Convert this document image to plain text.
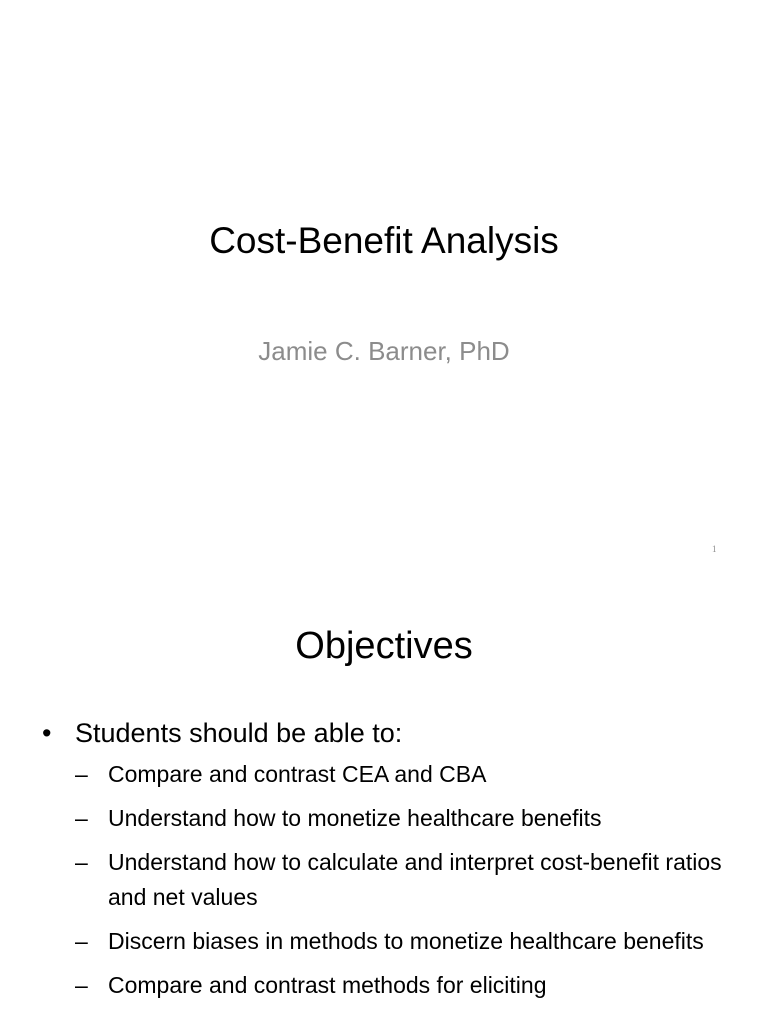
Cost-Benefit Analysis
Jamie C. Barner, PhD
1
Objectives
• Students should be able to:
– Compare and contrast CEA and CBA
– Understand how to monetize healthcare benefits
– Understand how to calculate and interpret cost-benefit ratios and net values
– Discern biases in methods to monetize healthcare benefits
– Compare and contrast methods for eliciting
